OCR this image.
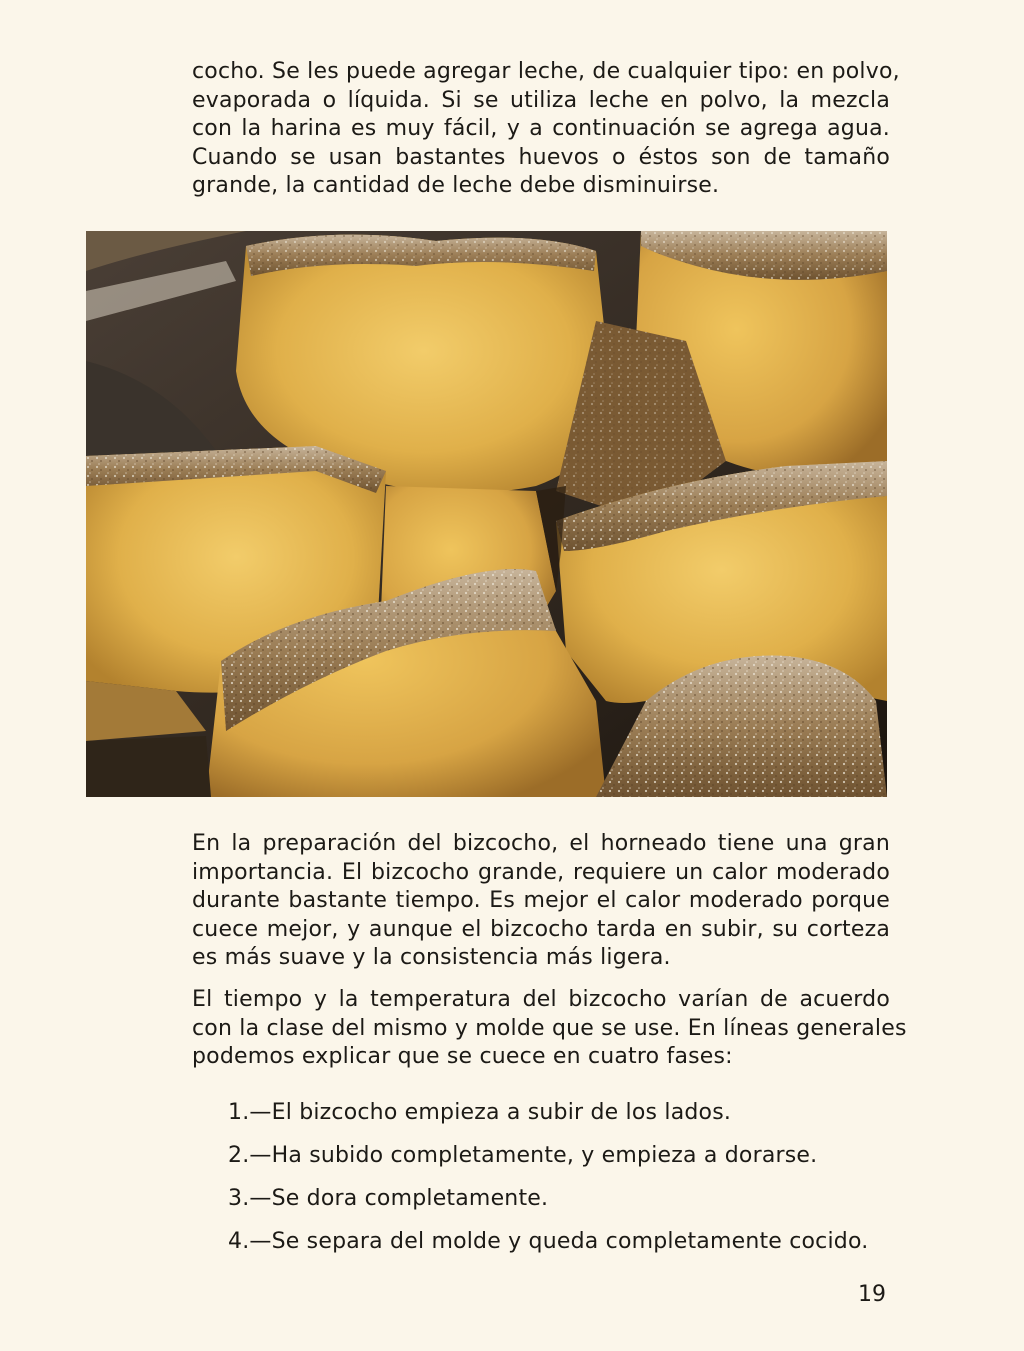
cocho. Se les puede agregar leche, de cualquier tipo: en polvo,
evaporada o líquida. Si se utiliza leche en polvo, la mezcla
con la harina es muy fácil, y a continuación se agrega agua.
Cuando se usan bastantes huevos o éstos son de tamaño
grande, la cantidad de leche debe disminuirse.

En la preparación del bizcocho, el horneado tiene una gran
importancia. El bizcocho grande, requiere un calor moderado
durante bastante tiempo. Es mejor el calor moderado porque
cuece mejor, y aunque el bizcocho tarda en subir, su corteza
es más suave y la consistencia más ligera.

El tiempo y la temperatura del bizcocho varían de acuerdo
con la clase del mismo y molde que se use. En líneas generales
podemos explicar que se cuece en cuatro fases:

1.—El bizcocho empieza a subir de los lados.
2.—Ha subido completamente, y empieza a dorarse.
3.—Se dora completamente.
4.—Se separa del molde y queda completamente cocido.
19
